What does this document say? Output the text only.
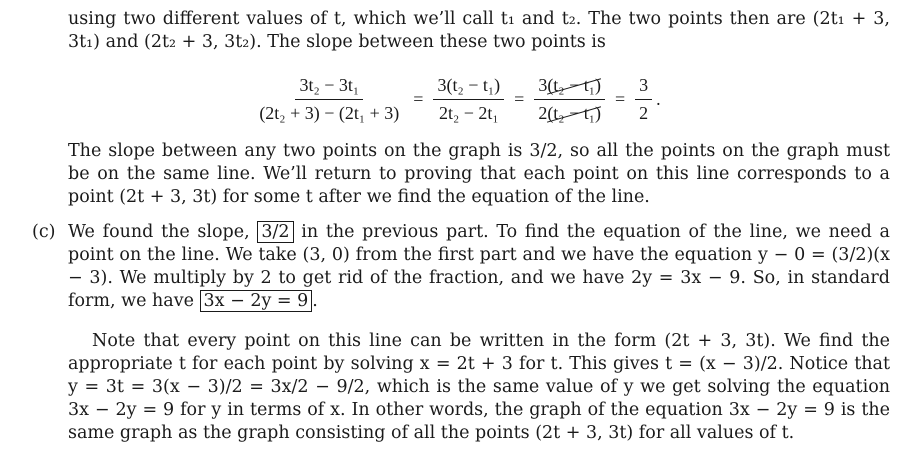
using two different values of t, which we’ll call t₁ and t₂. The two points then are (2t₁ + 3, 3t₁) and (2t₂ + 3, 3t₂). The slope between these two points is

$\frac{\text{3t₂ − 3t₁}}{\text{(2t₂ + 3) − (2t₁ + 3)}} = \frac{\text{3(t₂ − t₁)}}{\text{2t₂ − 2t₁}} = \frac{\text{3(t₂ − t₁)}}{\text{2(t₂ − t₁)}} = \frac{3}{2}$ .

The slope between any two points on the graph is 3/2, so all the points on the graph must be on the same line. We’ll return to proving that each point on this line corresponds to a point (2t + 3, 3t) for some t after we find the equation of the line.

(c) We found the slope, 3/2 in the previous part. To find the equation of the line, we need a point on the line. We take (3, 0) from the first part and we have the equation y − 0 = (3/2)(x − 3). We multiply by 2 to get rid of the fraction, and we have 2y = 3x − 9. So, in standard form, we have 3x − 2y = 9 .

Note that every point on this line can be written in the form (2t + 3, 3t). We find the appropriate t for each point by solving x = 2t + 3 for t. This gives t = (x − 3)/2. Notice that y = 3t = 3(x − 3)/2 = 3x/2 − 9/2, which is the same value of y we get solving the equation 3x − 2y = 9 for y in terms of x. In other words, the graph of the equation 3x − 2y = 9 is the same graph as the graph consisting of all the points (2t + 3, 3t) for all values of t.
